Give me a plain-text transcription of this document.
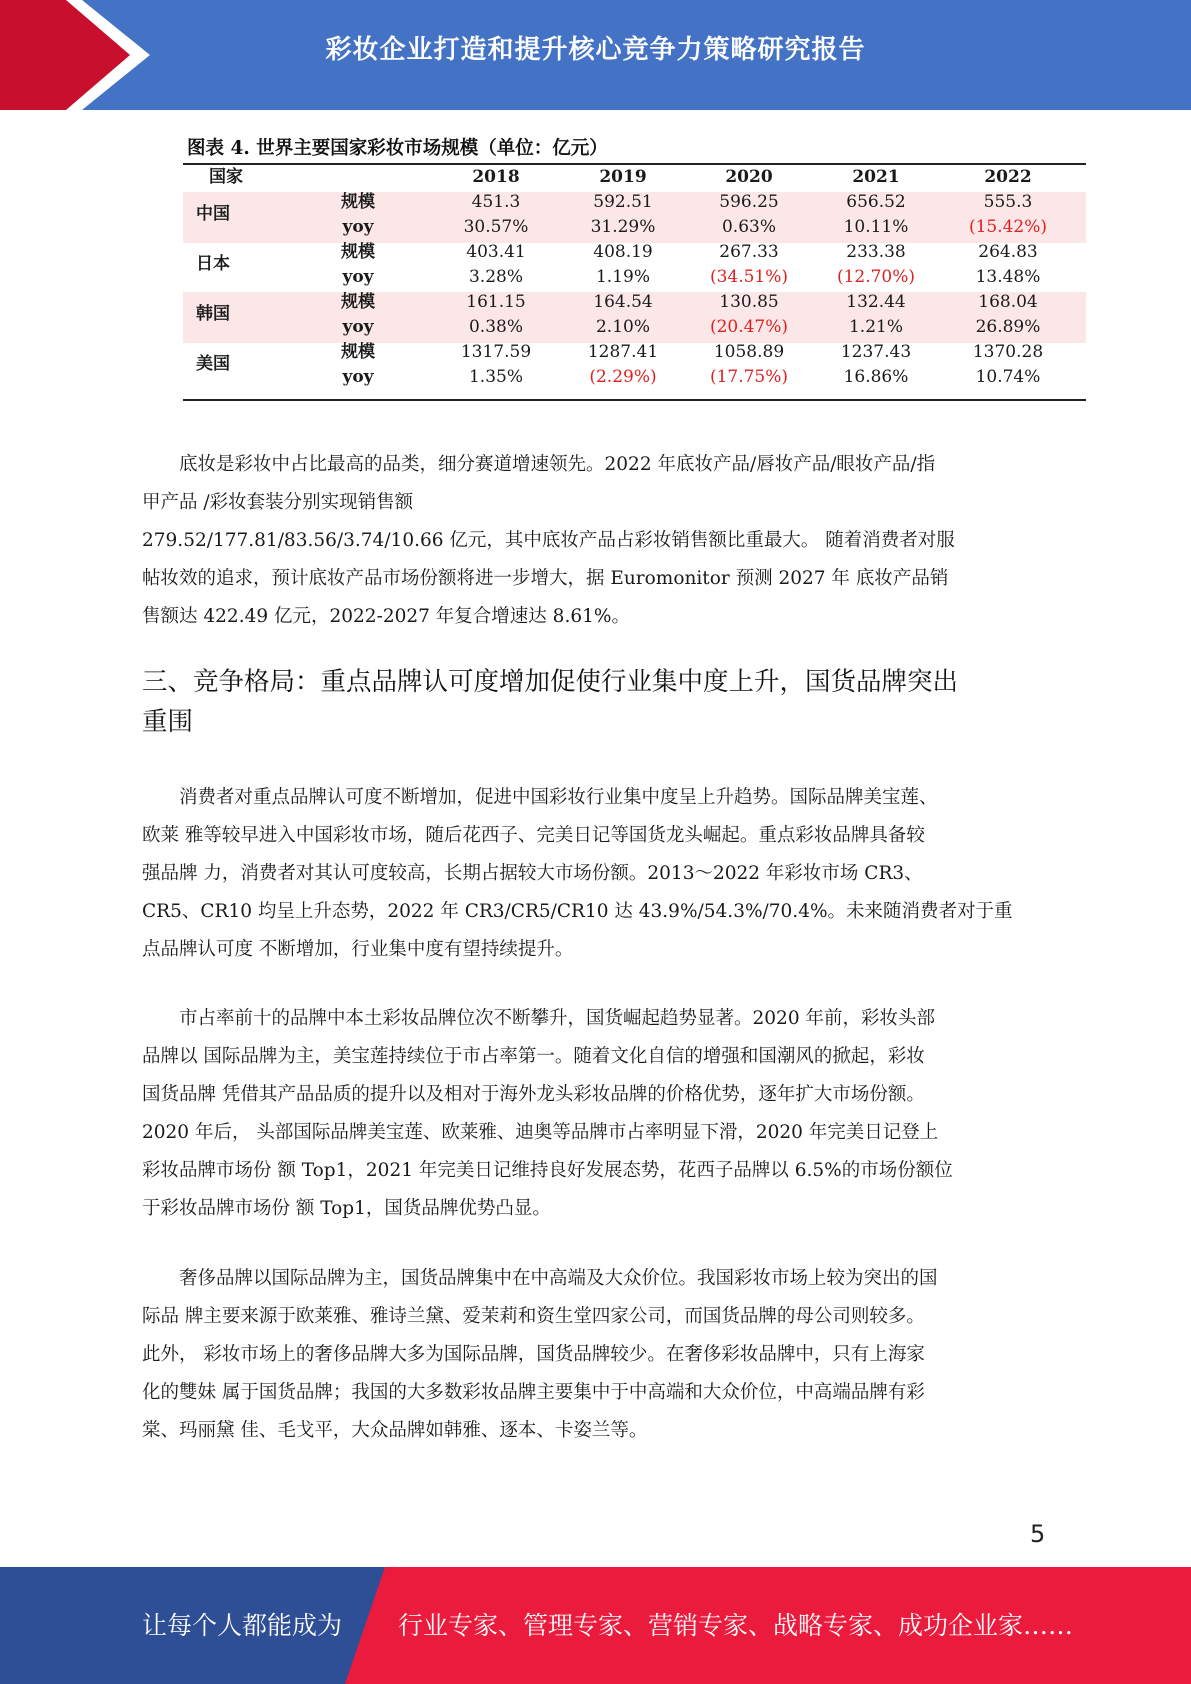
彩妆企业打造和提升核心竞争力策略研究报告
图表 4. 世界主要国家彩妆市场规模（单位：亿元）
国家	2018	2019	2020	2021	2022
中国
规模	451.3	592.51	596.25	656.52	555.3
yoy	30.57%	31.29%	0.63%	10.11%	(15.42%)
日本
规模	403.41	408.19	267.33	233.38	264.83
yoy	3.28%	1.19%	(34.51%)	(12.70%)	13.48%
韩国
规模	161.15	164.54	130.85	132.44	168.04
yoy	0.38%	2.10%	(20.47%)	1.21%	26.89%
美国
规模	1317.59	1287.41	1058.89	1237.43	1370.28
yoy	1.35%	(2.29%)	(17.75%)	16.86%	10.74%

底妆是彩妆中占比最高的品类，细分赛道增速领先。2022 年底妆产品/唇妆产品/眼妆产品/指

甲产品 /彩妆套装分别实现销售额

279.52/177.81/83.56/3.74/10.66 亿元，其中底妆产品占彩妆销售额比重最大。 随着消费者对服

帖妆效的追求，预计底妆产品市场份额将进一步增大，据 Euromonitor 预测 2027 年 底妆产品销

售额达 422.49 亿元，2022-2027 年复合增速达 8.61%。

三、竞争格局：重点品牌认可度增加促使行业集中度上升，国货品牌突出
重围

消费者对重点品牌认可度不断增加，促进中国彩妆行业集中度呈上升趋势。国际品牌美宝莲、

欧莱 雅等较早进入中国彩妆市场，随后花西子、完美日记等国货龙头崛起。重点彩妆品牌具备较

强品牌 力，消费者对其认可度较高，长期占据较大市场份额。2013～2022 年彩妆市场 CR3、

CR5、CR10 均呈上升态势，2022 年 CR3/CR5/CR10 达 43.9%/54.3%/70.4%。未来随消费者对于重

点品牌认可度 不断增加，行业集中度有望持续提升。

市占率前十的品牌中本土彩妆品牌位次不断攀升，国货崛起趋势显著。2020 年前，彩妆头部

品牌以 国际品牌为主，美宝莲持续位于市占率第一。随着文化自信的增强和国潮风的掀起，彩妆

国货品牌 凭借其产品品质的提升以及相对于海外龙头彩妆品牌的价格优势，逐年扩大市场份额。

2020 年后， 头部国际品牌美宝莲、欧莱雅、迪奥等品牌市占率明显下滑，2020 年完美日记登上

彩妆品牌市场份 额 Top1，2021 年完美日记维持良好发展态势，花西子品牌以 6.5%的市场份额位

于彩妆品牌市场份 额 Top1，国货品牌优势凸显。

奢侈品牌以国际品牌为主，国货品牌集中在中高端及大众价位。我国彩妆市场上较为突出的国

际品 牌主要来源于欧莱雅、雅诗兰黛、爱茉莉和资生堂四家公司，而国货品牌的母公司则较多。

此外， 彩妆市场上的奢侈品牌大多为国际品牌，国货品牌较少。在奢侈彩妆品牌中，只有上海家

化的雙妹 属于国货品牌；我国的大多数彩妆品牌主要集中于中高端和大众价位，中高端品牌有彩

棠、玛丽黛 佳、毛戈平，大众品牌如韩雅、逐本、卡姿兰等。

5
让每个人都能成为 行业专家、管理专家、营销专家、战略专家、成功企业家……
